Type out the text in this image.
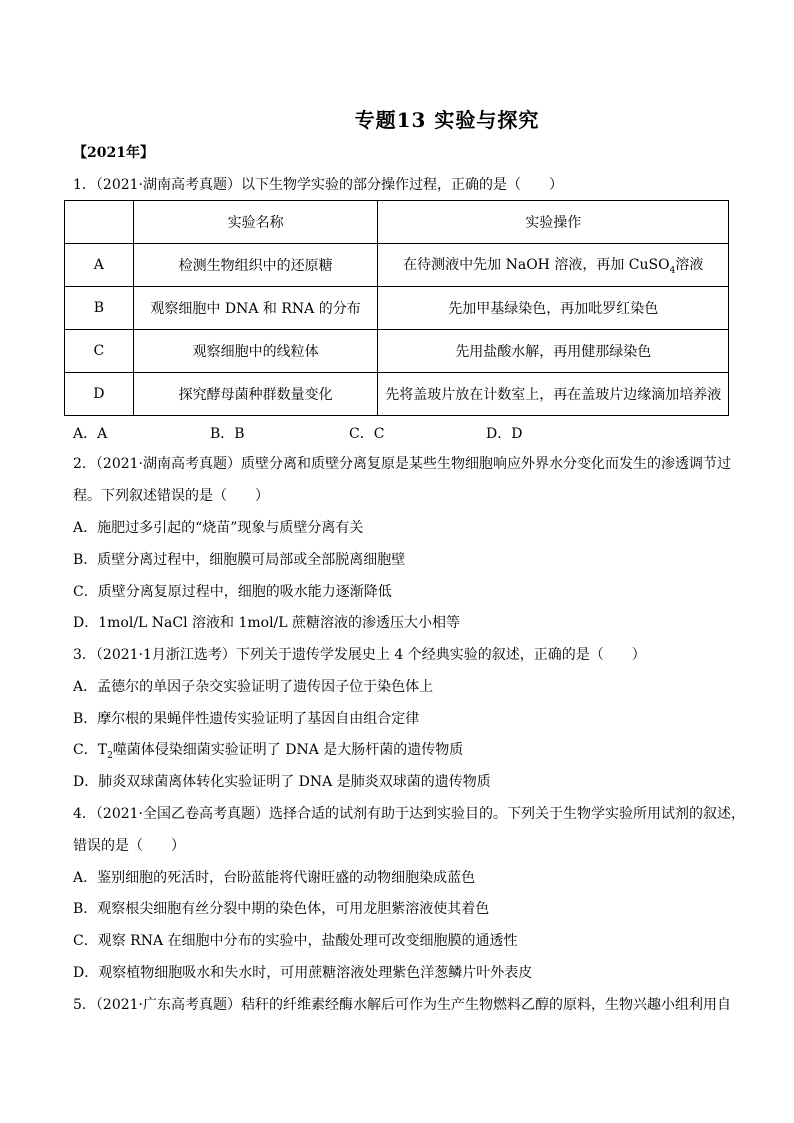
专题13 实验与探究
【2021年】
1．（2021·湖南高考真题）以下生物学实验的部分操作过程，正确的是（　　）
	实验名称	实验操作
A	检测生物组织中的还原糖	在待测液中先加 NaOH 溶液，再加 CuSO$_4$溶液
B	观察细胞中 DNA 和 RNA 的分布	先加甲基绿染色，再加吡罗红染色
C	观察细胞中的线粒体	先用盐酸水解，再用健那绿染色
D	探究酵母菌种群数量变化	先将盖玻片放在计数室上，再在盖玻片边缘滴加培养液
A．A	B．B	C．C	D．D
2．（2021·湖南高考真题）质壁分离和质壁分离复原是某些生物细胞响应外界水分变化而发生的渗透调节过
程。下列叙述错误的是（　　）
A．施肥过多引起的“烧苗”现象与质壁分离有关
B．质壁分离过程中，细胞膜可局部或全部脱离细胞壁
C．质壁分离复原过程中，细胞的吸水能力逐渐降低
D．1mol/L NaCl 溶液和 1mol/L 蔗糖溶液的渗透压大小相等
3．（2021·1月浙江选考）下列关于遗传学发展史上 4 个经典实验的叙述，正确的是（　　）
A．孟德尔的单因子杂交实验证明了遗传因子位于染色体上
B．摩尔根的果蝇伴性遗传实验证明了基因自由组合定律
C．$T_2$噬菌体侵染细菌实验证明了 DNA 是大肠杆菌的遗传物质
D．肺炎双球菌离体转化实验证明了 DNA 是肺炎双球菌的遗传物质
4．（2021·全国乙卷高考真题）选择合适的试剂有助于达到实验目的。下列关于生物学实验所用试剂的叙述，
错误的是（　　）
A．鉴别细胞的死活时，台盼蓝能将代谢旺盛的动物细胞染成蓝色
B．观察根尖细胞有丝分裂中期的染色体，可用龙胆紫溶液使其着色
C．观察 RNA 在细胞中分布的实验中，盐酸处理可改变细胞膜的通透性
D．观察植物细胞吸水和失水时，可用蔗糖溶液处理紫色洋葱鳞片叶外表皮
5．（2021·广东高考真题）秸秆的纤维素经酶水解后可作为生产生物燃料乙醇的原料，生物兴趣小组利用自
